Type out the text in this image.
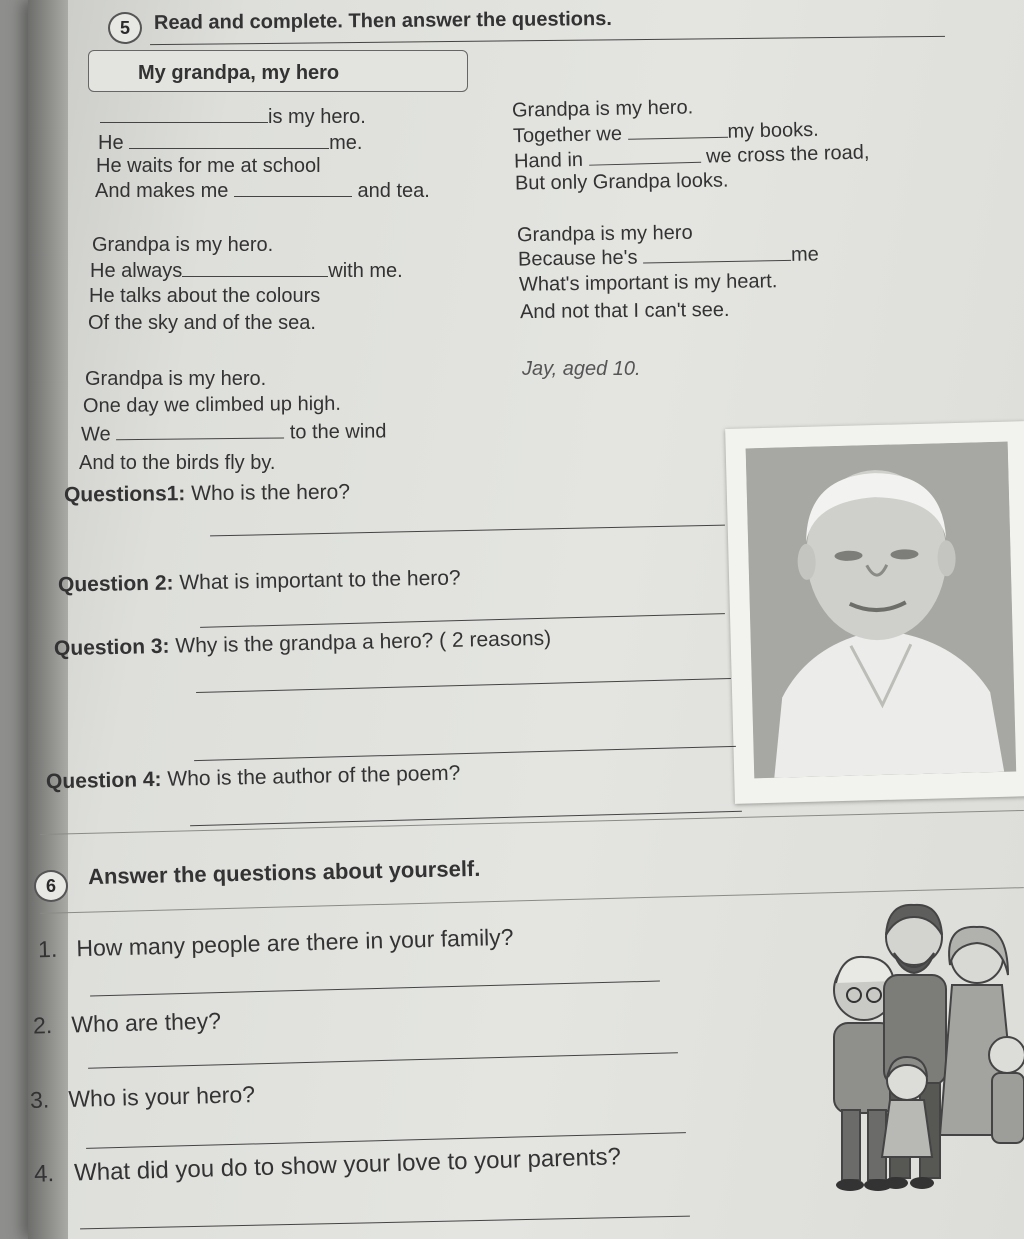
5	Read and complete. Then answer the questions.
My grandpa, my hero
is my hero.
He	me.
He waits for me at school
And makes me	and tea.
Grandpa is my hero.
Together we	my books.
Hand in	we cross the road,
But only Grandpa looks.
Grandpa is my hero.
He always	with me.
He talks about the colours
Of the sky and of the sea.
Grandpa is my hero
Because he's	me
What's important is my heart.
And not that I can't see.
Jay, aged 10.
Grandpa is my hero.
One day we climbed up high.
We	to the wind
And to the birds fly by.
Questions1: Who is the hero?
Question 2: What is important to the hero?
Question 3: Why is the grandpa a hero? ( 2 reasons)
Question 4: Who is the author of the poem?
6	Answer the questions about yourself.
1. How many people are there in your family?
2. Who are they?
3. Who is your hero?
4. What did you do to show your love to your parents?
